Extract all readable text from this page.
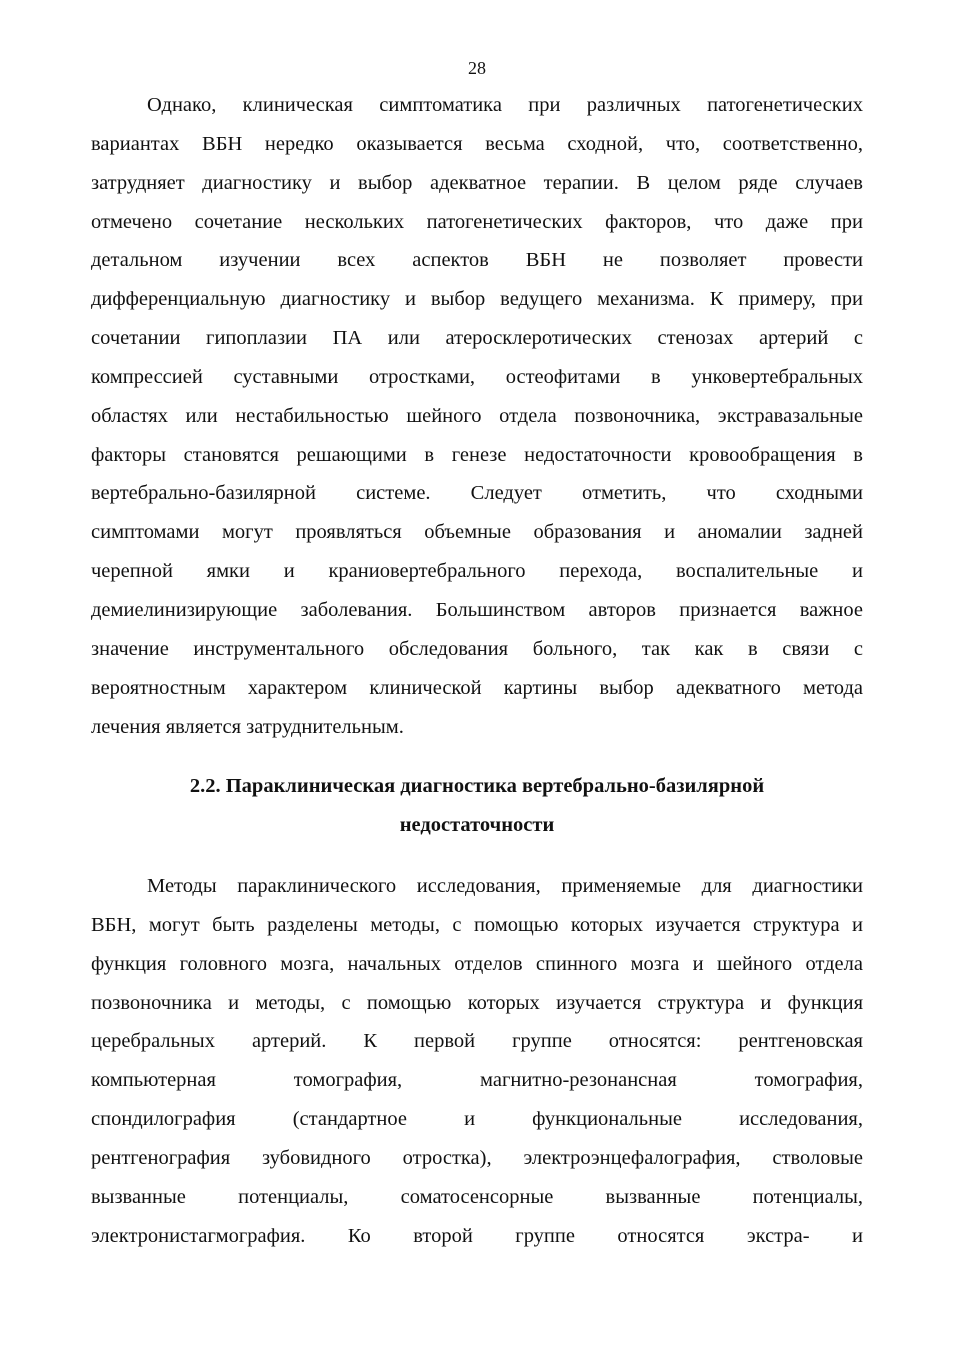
28
Однако, клиническая симптоматика при различных патогенетических
вариантах ВБН нередко оказывается весьма сходной, что, соответственно,
затрудняет диагностику и выбор адекватное терапии. В целом ряде случаев
отмечено сочетание нескольких патогенетических факторов, что даже при
детальном изучении всех аспектов ВБН не позволяет провести
дифференциальную диагностику и выбор ведущего механизма. К примеру, при
сочетании гипоплазии ПА или атеросклеротических стенозах артерий с
компрессией суставными отростками, остеофитами в унковертебральных
областях или нестабильностью шейного отдела позвоночника, экстравазальные
факторы становятся решающими в генезе недостаточности кровообращения в
вертебрально-базилярной системе. Следует отметить, что сходными
симптомами могут проявляться объемные образования и аномалии задней
черепной ямки и краниовертебрального перехода, воспалительные и
демиелинизирующие заболевания. Большинством авторов признается важное
значение инструментального обследования больного, так как в связи с
вероятностным характером клинической картины выбор адекватного метода
лечения является затруднительным.
2.2. Параклиническая диагностика вертебрально-базилярной
недостаточности
Методы параклинического исследования, применяемые для диагностики
ВБН, могут быть разделены методы, с помощью которых изучается структура и
функция головного мозга, начальных отделов спинного мозга и шейного отдела
позвоночника и методы, с помощью которых изучается структура и функция
церебральных артерий. К первой группе относятся: рентгеновская
компьютерная томография, магнитно-резонансная томография,
спондилография (стандартное и функциональные исследования,
рентгенография зубовидного отростка), электроэнцефалография, стволовые
вызванные потенциалы, соматосенсорные вызванные потенциалы,
электронистагмография. Ко второй группе относятся экстра- и
